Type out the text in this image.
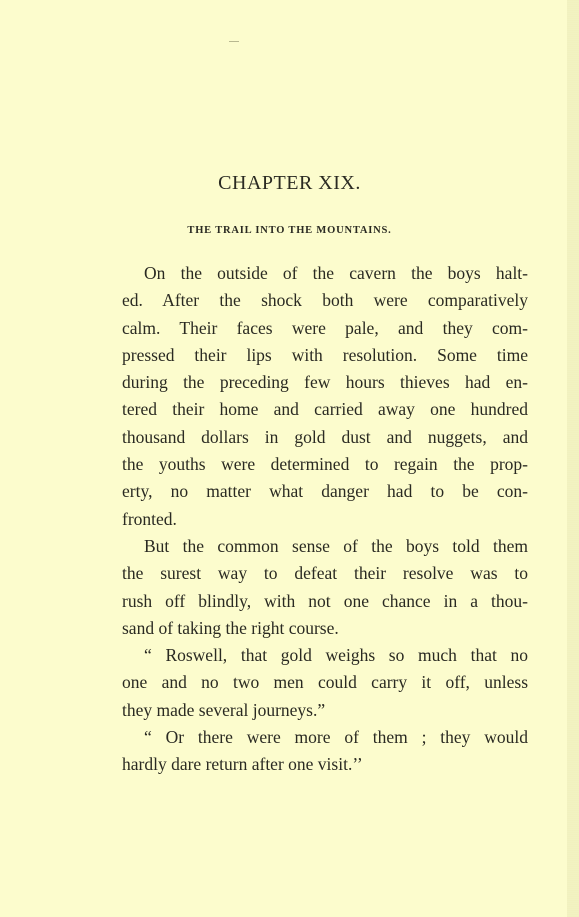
CHAPTER XIX.
THE TRAIL INTO THE MOUNTAINS.
On the outside of the cavern the boys halt-
ed. After the shock both were comparatively
calm. Their faces were pale, and they com-
pressed their lips with resolution. Some time
during the preceding few hours thieves had en-
tered their home and carried away one hundred
thousand dollars in gold dust and nuggets, and
the youths were determined to regain the prop-
erty, no matter what danger had to be con-
fronted.
But the common sense of the boys told them
the surest way to defeat their resolve was to
rush off blindly, with not one chance in a thou-
sand of taking the right course.
“ Roswell, that gold weighs so much that no
one and no two men could carry it off, unless
they made several journeys.”
“ Or there were more of them ; they would
hardly dare return after one visit.’’
